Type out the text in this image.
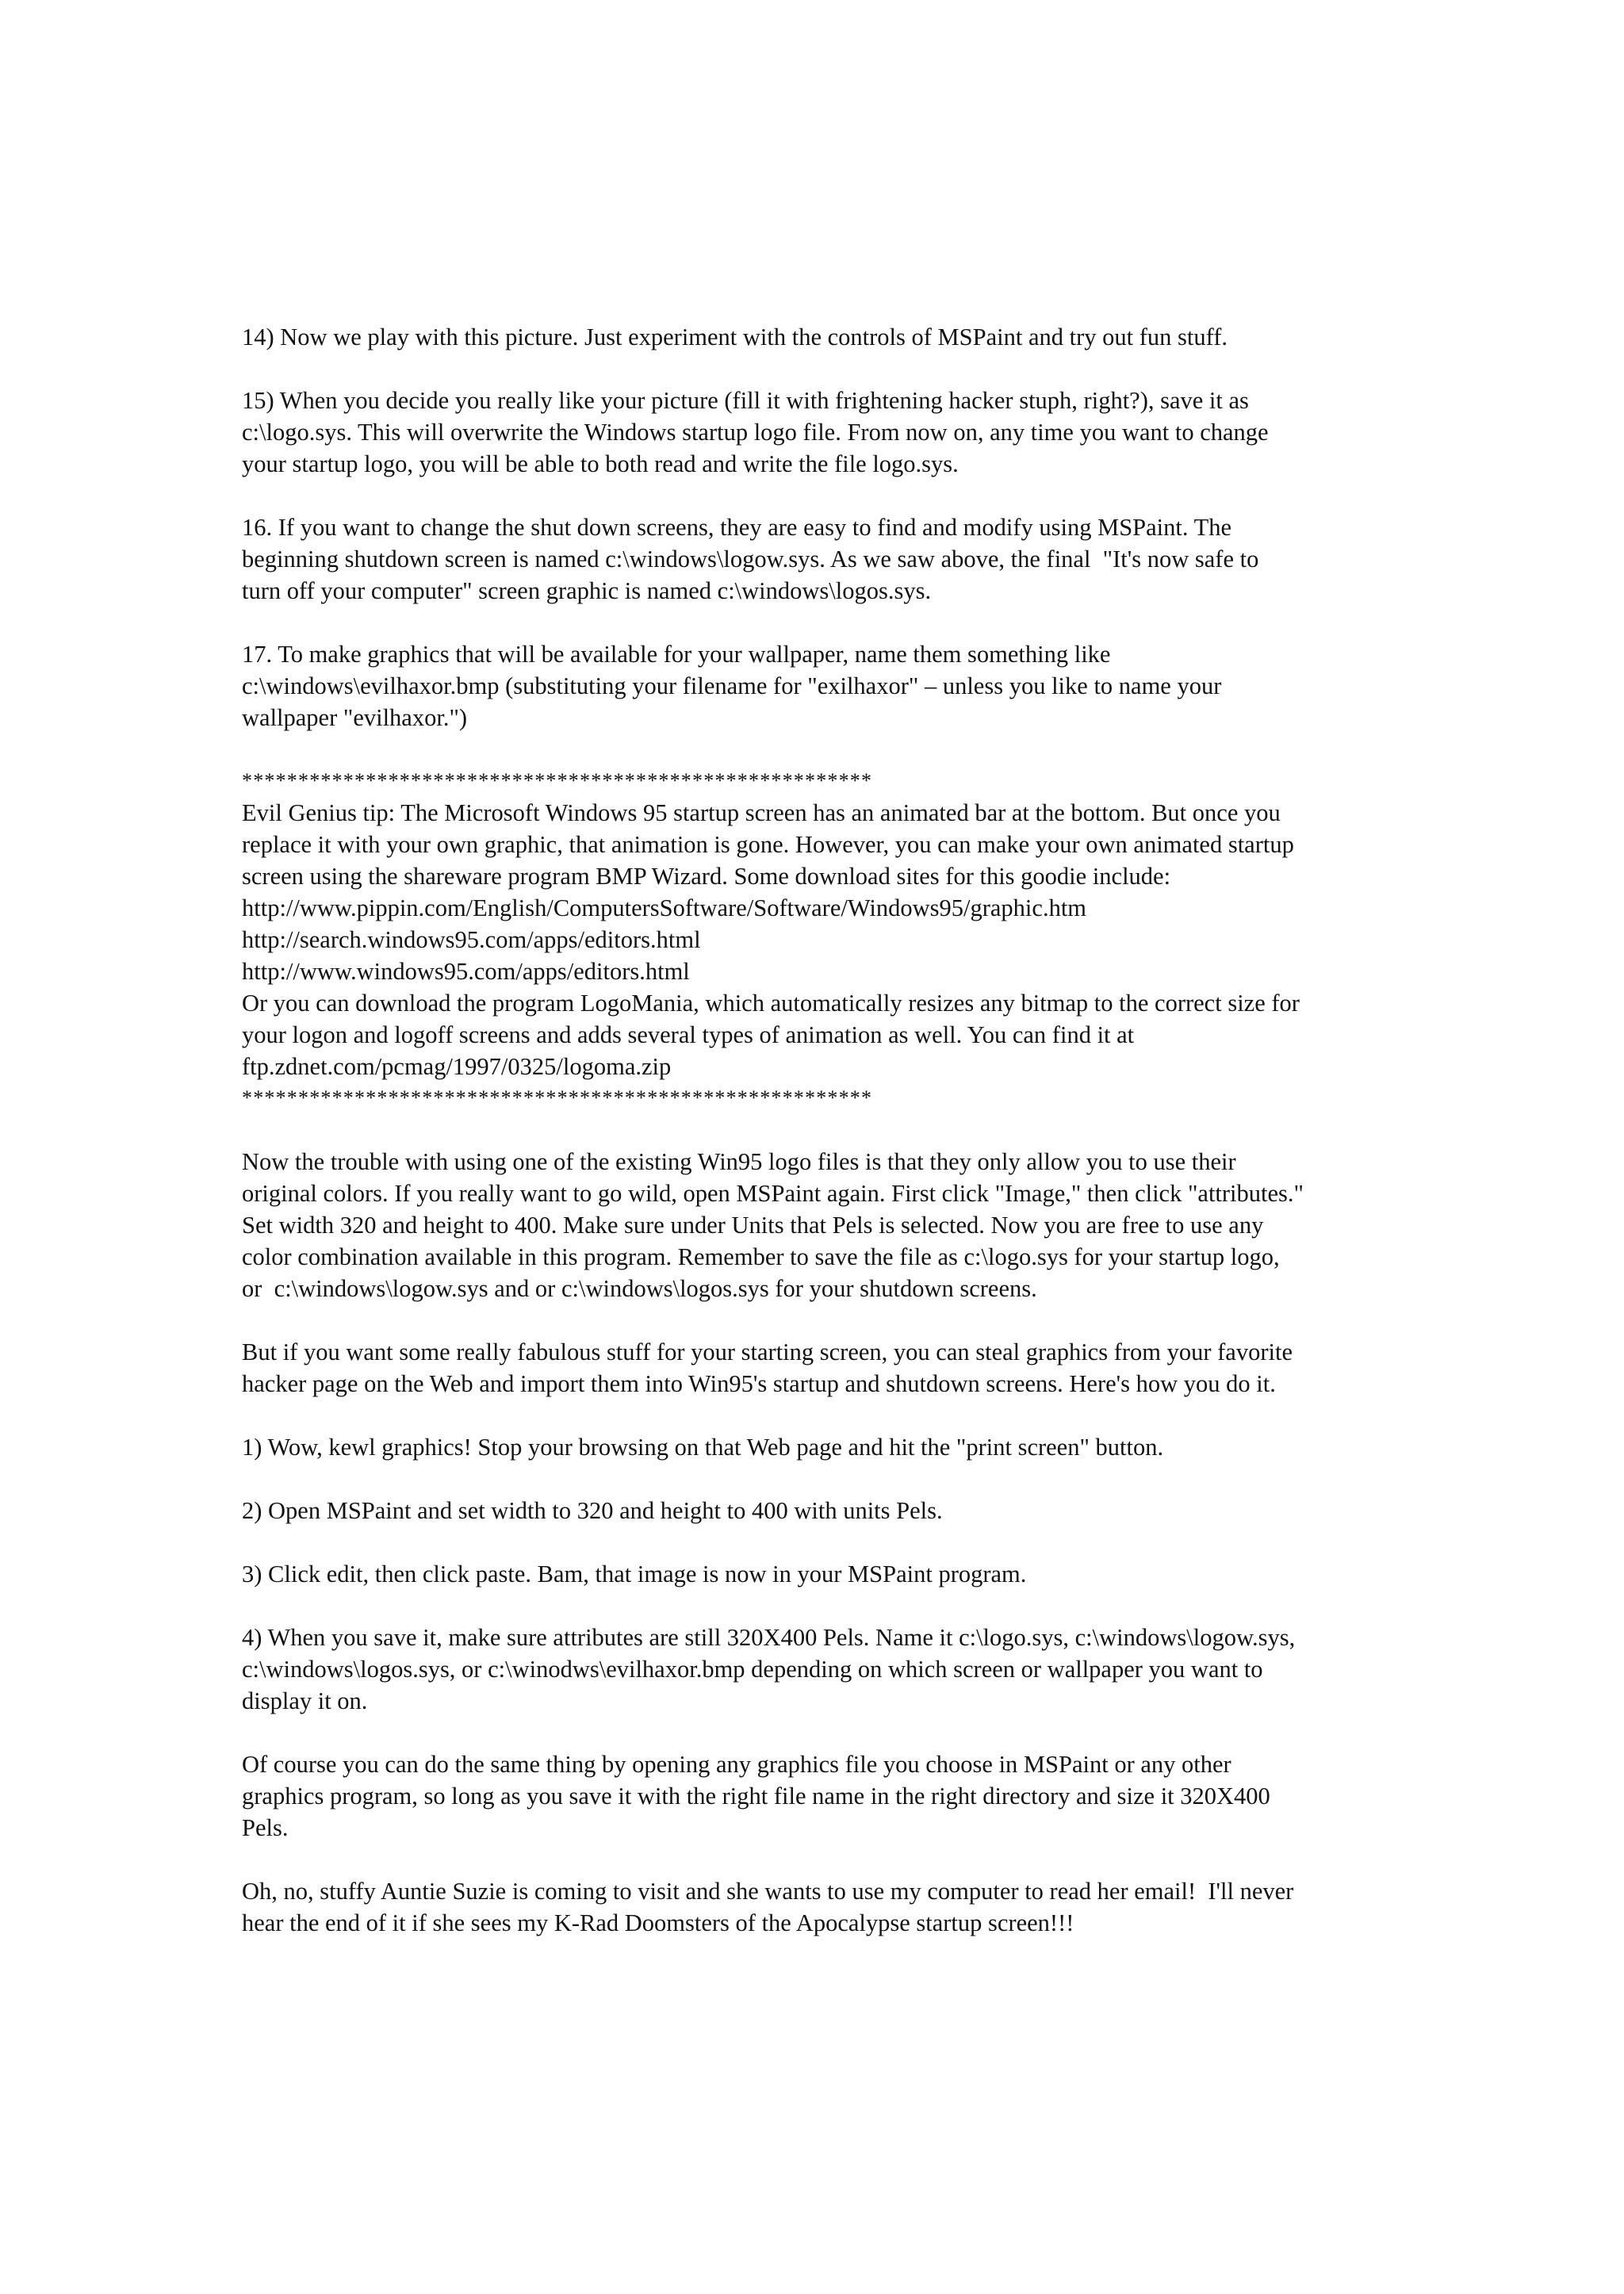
14) Now we play with this picture. Just experiment with the controls of MSPaint and try out fun stuff.

15) When you decide you really like your picture (fill it with frightening hacker stuph, right?), save it as
c:\logo.sys. This will overwrite the Windows startup logo file. From now on, any time you want to change
your startup logo, you will be able to both read and write the file logo.sys.

16. If you want to change the shut down screens, they are easy to find and modify using MSPaint. The
beginning shutdown screen is named c:\windows\logow.sys. As we saw above, the final  "It's now safe to
turn off your computer" screen graphic is named c:\windows\logos.sys.

17. To make graphics that will be available for your wallpaper, name them something like
c:\windows\evilhaxor.bmp (substituting your filename for "exilhaxor" – unless you like to name your
wallpaper "evilhaxor.")

********************************************************
Evil Genius tip: The Microsoft Windows 95 startup screen has an animated bar at the bottom. But once you
replace it with your own graphic, that animation is gone. However, you can make your own animated startup
screen using the shareware program BMP Wizard. Some download sites for this goodie include:
http://www.pippin.com/English/ComputersSoftware/Software/Windows95/graphic.htm
http://search.windows95.com/apps/editors.html
http://www.windows95.com/apps/editors.html
Or you can download the program LogoMania, which automatically resizes any bitmap to the correct size for
your logon and logoff screens and adds several types of animation as well. You can find it at
ftp.zdnet.com/pcmag/1997/0325/logoma.zip
********************************************************

Now the trouble with using one of the existing Win95 logo files is that they only allow you to use their
original colors. If you really want to go wild, open MSPaint again. First click "Image," then click "attributes."
Set width 320 and height to 400. Make sure under Units that Pels is selected. Now you are free to use any
color combination available in this program. Remember to save the file as c:\logo.sys for your startup logo,
or  c:\windows\logow.sys and or c:\windows\logos.sys for your shutdown screens.

But if you want some really fabulous stuff for your starting screen, you can steal graphics from your favorite
hacker page on the Web and import them into Win95's startup and shutdown screens. Here's how you do it.

1) Wow, kewl graphics! Stop your browsing on that Web page and hit the "print screen" button.

2) Open MSPaint and set width to 320 and height to 400 with units Pels.

3) Click edit, then click paste. Bam, that image is now in your MSPaint program.

4) When you save it, make sure attributes are still 320X400 Pels. Name it c:\logo.sys, c:\windows\logow.sys,
c:\windows\logos.sys, or c:\winodws\evilhaxor.bmp depending on which screen or wallpaper you want to
display it on.

Of course you can do the same thing by opening any graphics file you choose in MSPaint or any other
graphics program, so long as you save it with the right file name in the right directory and size it 320X400
Pels.

Oh, no, stuffy Auntie Suzie is coming to visit and she wants to use my computer to read her email!  I'll never
hear the end of it if she sees my K-Rad Doomsters of the Apocalypse startup screen!!!
